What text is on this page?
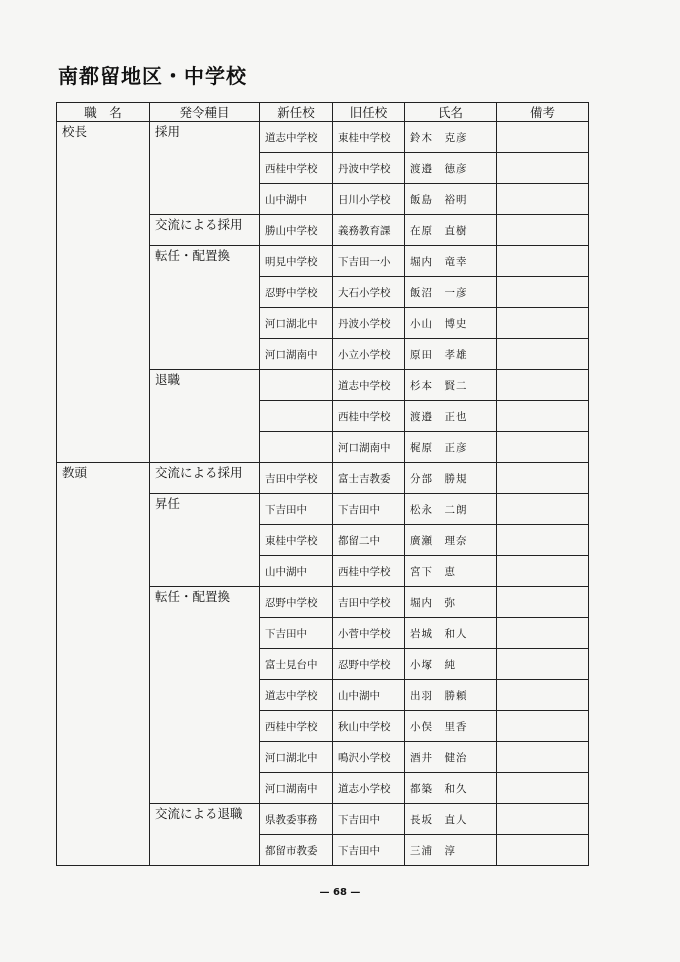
南都留地区・中学校
職　名	発令種目	新任校	旧任校	氏名	備考
校長	採用	道志中学校	東桂中学校	鈴木　克彦	
		西桂中学校	丹波中学校	渡邉　徳彦	
		山中湖中	日川小学校	飯島　裕明	
	交流による採用	勝山中学校	義務教育課	在原　直樹	
	転任・配置換	明見中学校	下吉田一小	堀内　竜幸	
		忍野中学校	大石小学校	飯沼　一彦	
		河口湖北中	丹波小学校	小山　博史	
		河口湖南中	小立小学校	原田　孝雄	
	退職		道志中学校	杉本　賢二	
			西桂中学校	渡邉　正也	
			河口湖南中	梶原　正彦	
教頭	交流による採用	吉田中学校	富士吉教委	分部　勝規	
	昇任	下吉田中	下吉田中	松永　二朗	
		東桂中学校	都留二中	廣瀬　理奈	
		山中湖中	西桂中学校	宮下　恵	
	転任・配置換	忍野中学校	吉田中学校	堀内　弥	
		下吉田中	小菅中学校	岩城　和人	
		富士見台中	忍野中学校	小塚　純	
		道志中学校	山中湖中	出羽　勝頼	
		西桂中学校	秋山中学校	小俣　里香	
		河口湖北中	鳴沢小学校	酒井　健治	
		河口湖南中	道志小学校	都築　和久	
	交流による退職	県教委事務	下吉田中	長坂　直人	
		都留市教委	下吉田中	三浦　淳	
— 68 —
